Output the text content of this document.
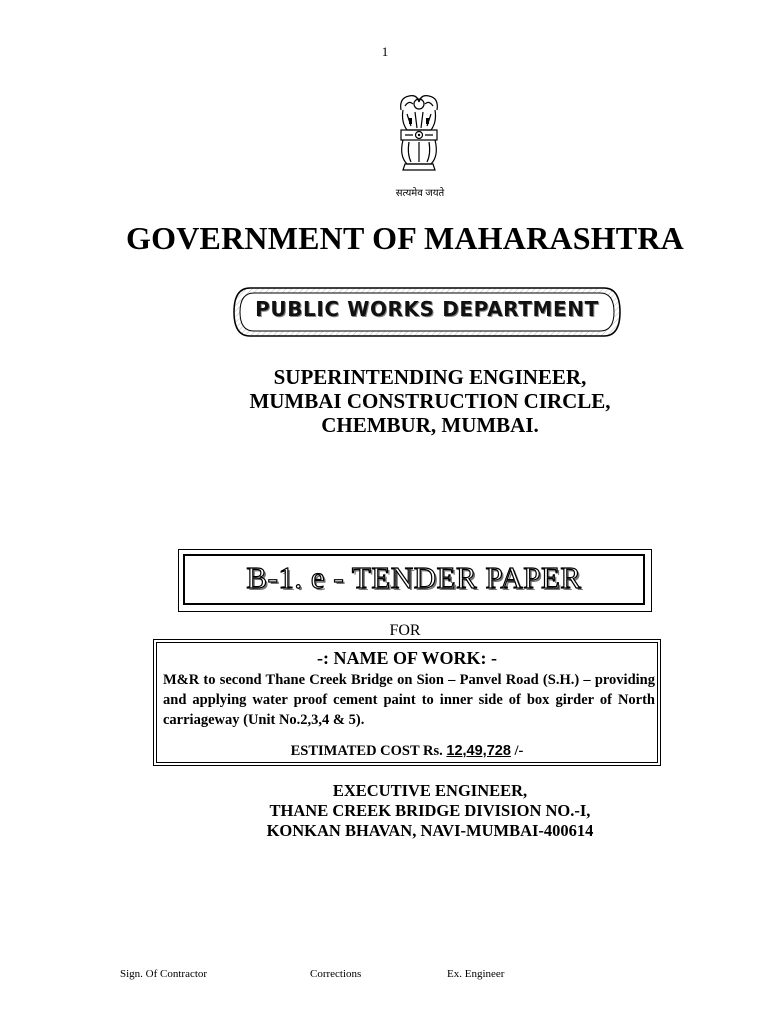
1
सत्यमेव जयते
GOVERNMENT OF MAHARASHTRA
PUBLIC WORKS DEPARTMENT
SUPERINTENDING ENGINEER,
MUMBAI CONSTRUCTION CIRCLE,
CHEMBUR, MUMBAI.
B-1. e - TENDER PAPER
FOR
-: NAME OF WORK: -
M&R to second Thane Creek Bridge on Sion – Panvel Road (S.H.) – providing and applying water proof cement paint to inner side of box girder of North carriageway (Unit No.2,3,4 & 5).
ESTIMATED COST Rs. 12,49,728 /-
EXECUTIVE ENGINEER,
THANE CREEK BRIDGE DIVISION NO.-I,
KONKAN BHAVAN, NAVI-MUMBAI-400614
Sign. Of Contractor	Corrections	Ex. Engineer
